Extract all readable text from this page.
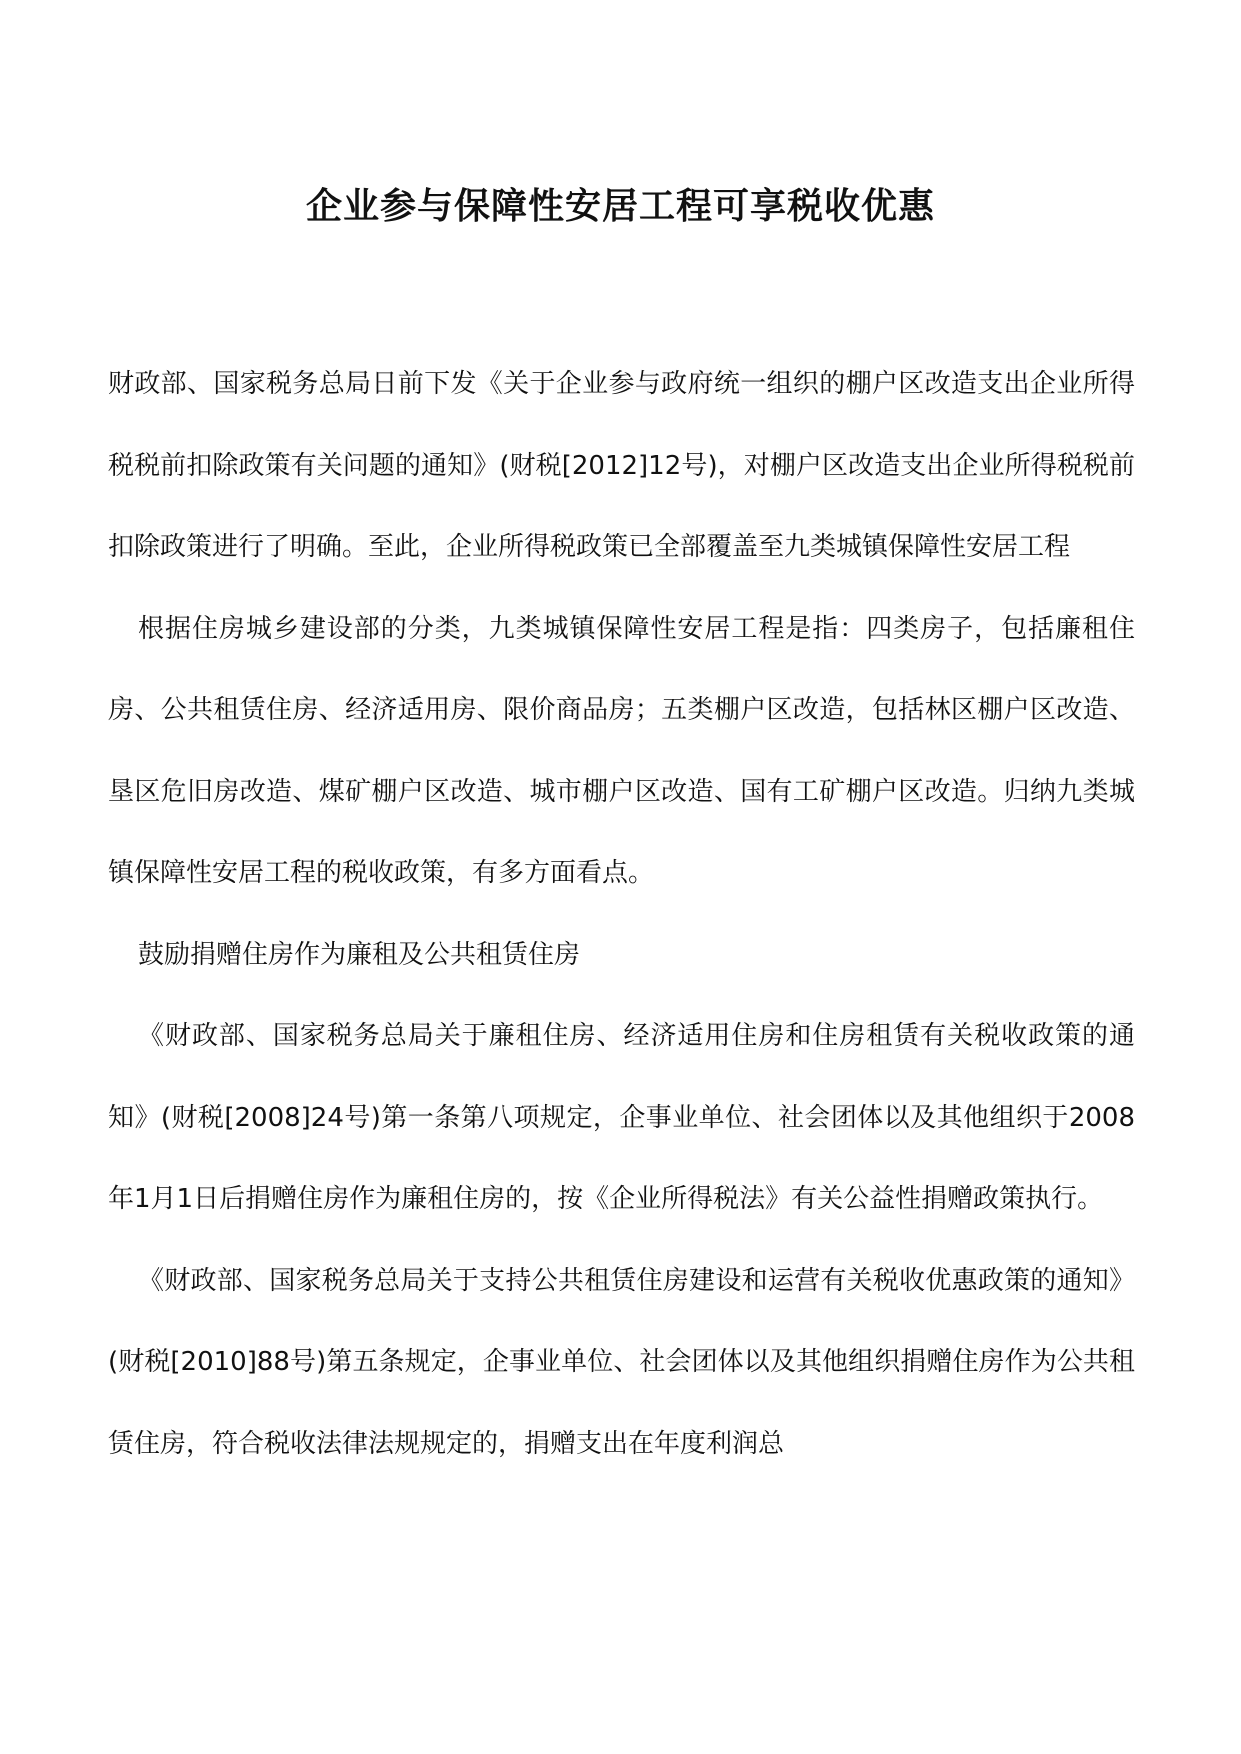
企业参与保障性安居工程可享税收优惠

财政部、国家税务总局日前下发《关于企业参与政府统一组织的棚户区改造支出企业所得税税前扣除政策有关问题的通知》(财税[2012]12号)，对棚户区改造支出企业所得税税前扣除政策进行了明确。至此，企业所得税政策已全部覆盖至九类城镇保障性安居工程

根据住房城乡建设部的分类，九类城镇保障性安居工程是指：四类房子，包括廉租住房、公共租赁住房、经济适用房、限价商品房；五类棚户区改造，包括林区棚户区改造、垦区危旧房改造、煤矿棚户区改造、城市棚户区改造、国有工矿棚户区改造。归纳九类城镇保障性安居工程的税收政策，有多方面看点。

鼓励捐赠住房作为廉租及公共租赁住房

《财政部、国家税务总局关于廉租住房、经济适用住房和住房租赁有关税收政策的通知》(财税[2008]24号)第一条第八项规定，企事业单位、社会团体以及其他组织于2008年1月1日后捐赠住房作为廉租住房的，按《企业所得税法》有关公益性捐赠政策执行。

《财政部、国家税务总局关于支持公共租赁住房建设和运营有关税收优惠政策的通知》(财税[2010]88号)第五条规定，企事业单位、社会团体以及其他组织捐赠住房作为公共租赁住房，符合税收法律法规规定的，捐赠支出在年度利润总
